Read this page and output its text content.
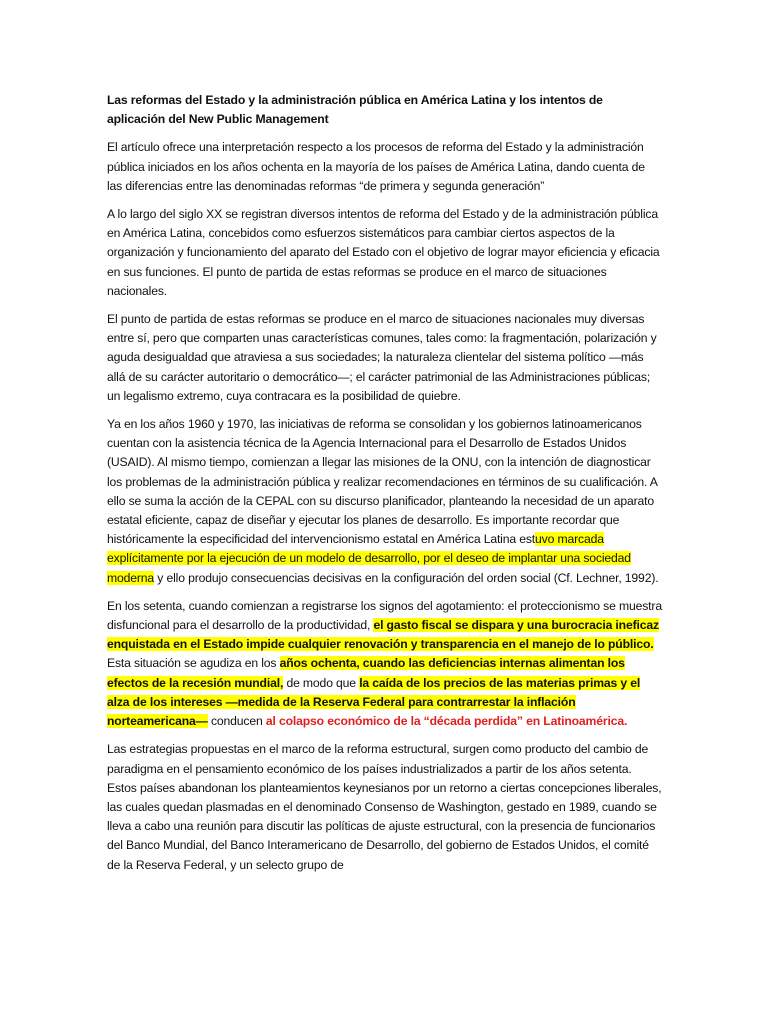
Las reformas del Estado y la administración pública en América Latina y los intentos de aplicación del New Public Management

El artículo ofrece una interpretación respecto a los procesos de reforma del Estado y la administración pública iniciados en los años ochenta en la mayoría de los países de América Latina, dando cuenta de las diferencias entre las denominadas reformas “de primera y segunda generación”

A lo largo del siglo XX se registran diversos intentos de reforma del Estado y de la administración pública en América Latina, concebidos como esfuerzos sistemáticos para cambiar ciertos aspectos de la organización y funcionamiento del aparato del Estado con el objetivo de lograr mayor eficiencia y eficacia en sus funciones. El punto de partida de estas reformas se produce en el marco de situaciones nacionales.

El punto de partida de estas reformas se produce en el marco de situaciones nacionales muy diversas entre sí, pero que comparten unas características comunes, tales como: la fragmentación, polarización y aguda desigualdad que atraviesa a sus sociedades; la naturaleza clientelar del sistema político —más allá de su carácter autoritario o democrático—; el carácter patrimonial de las Administraciones públicas; un legalismo extremo, cuya contracara es la posibilidad de quiebre.

Ya en los años 1960 y 1970, las iniciativas de reforma se consolidan y los gobiernos latinoamericanos cuentan con la asistencia técnica de la Agencia Internacional para el Desarrollo de Estados Unidos (USAID). Al mismo tiempo, comienzan a llegar las misiones de la ONU, con la intención de diagnosticar los problemas de la administración pública y realizar recomendaciones en términos de su cualificación. A ello se suma la acción de la CEPAL con su discurso planificador, planteando la necesidad de un aparato estatal eficiente, capaz de diseñar y ejecutar los planes de desarrollo. Es importante recordar que históricamente la especificidad del intervencionismo estatal en América Latina estuvo marcada explícitamente por la ejecución de un modelo de desarrollo, por el deseo de implantar una sociedad moderna y ello produjo consecuencias decisivas en la configuración del orden social (Cf. Lechner, 1992).

En los setenta, cuando comienzan a registrarse los signos del agotamiento: el proteccionismo se muestra disfuncional para el desarrollo de la productividad, el gasto fiscal se dispara y una burocracia ineficaz enquistada en el Estado impide cualquier renovación y transparencia en el manejo de lo público. Esta situación se agudiza en los años ochenta, cuando las deficiencias internas alimentan los efectos de la recesión mundial, de modo que la caída de los precios de las materias primas y el alza de los intereses —medida de la Reserva Federal para contrarrestar la inflación norteamericana— conducen al colapso económico de la “década perdida” en Latinoamérica.

Las estrategias propuestas en el marco de la reforma estructural, surgen como producto del cambio de paradigma en el pensamiento económico de los países industrializados a partir de los años setenta. Estos países abandonan los planteamientos keynesianos por un retorno a ciertas concepciones liberales, las cuales quedan plasmadas en el denominado Consenso de Washington, gestado en 1989, cuando se lleva a cabo una reunión para discutir las políticas de ajuste estructural, con la presencia de funcionarios del Banco Mundial, del Banco Interamericano de Desarrollo, del gobierno de Estados Unidos, el comité de la Reserva Federal, y un selecto grupo de
